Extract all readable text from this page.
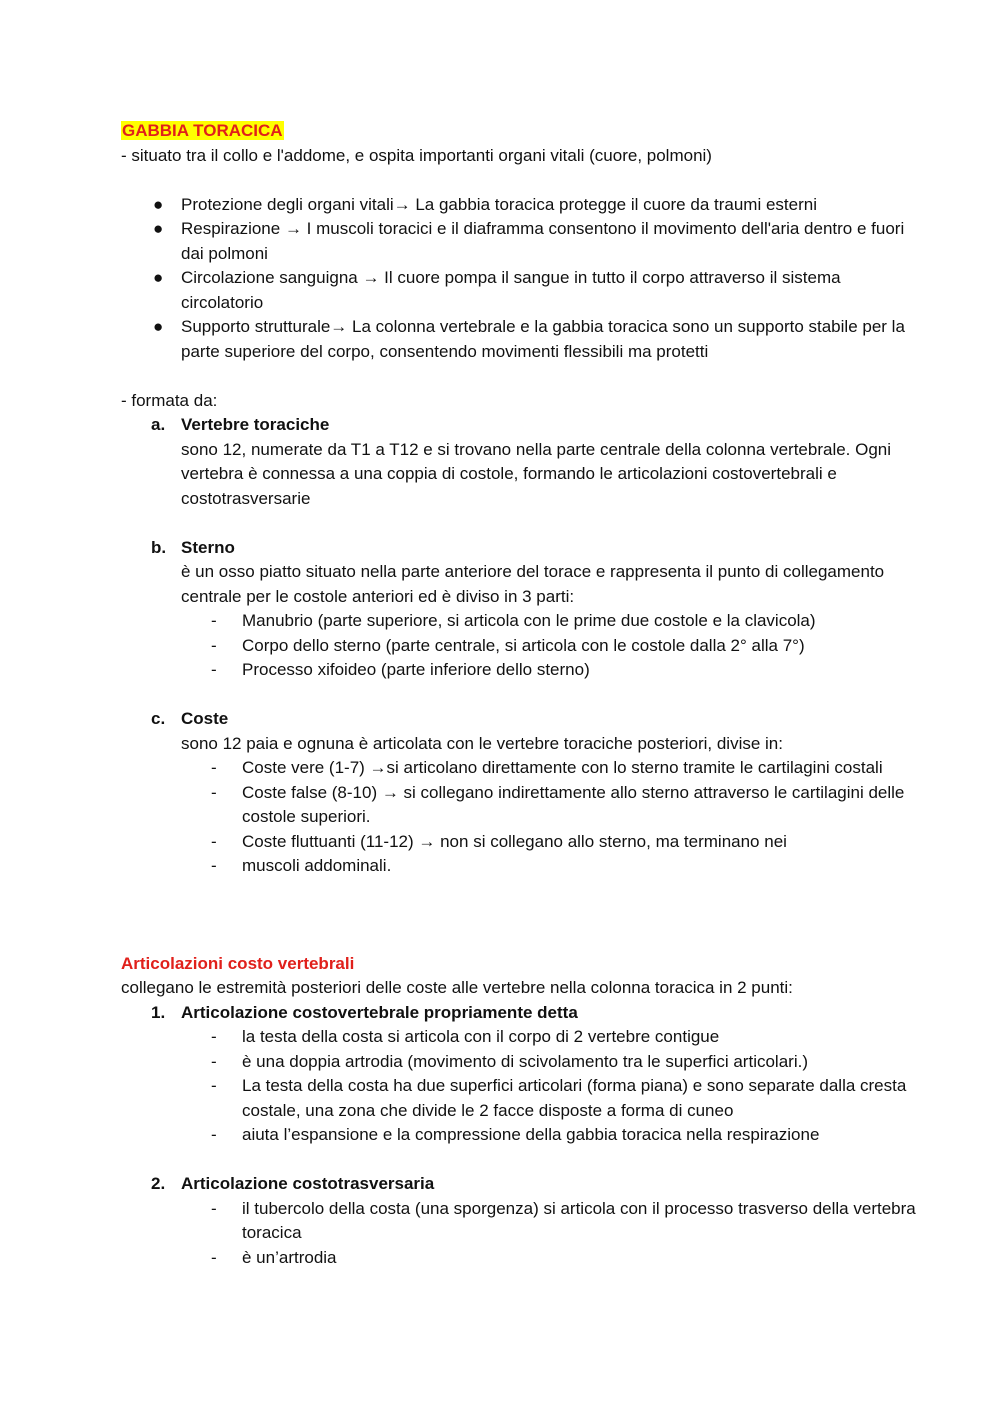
GABBIA TORACICA

- situato tra il collo e l'addome, e ospita importanti organi vitali (cuore, polmoni)

● Protezione degli organi vitali→ La gabbia toracica protegge il cuore da traumi esterni
● Respirazione → I muscoli toracici e il diaframma consentono il movimento dell'aria dentro e fuori dai polmoni
● Circolazione sanguigna → Il cuore pompa il sangue in tutto il corpo attraverso il sistema circolatorio
● Supporto strutturale→ La colonna vertebrale e la gabbia toracica sono un supporto stabile per la parte superiore del corpo, consentendo movimenti flessibili ma protetti

- formata da:

a. Vertebre toraciche
sono 12, numerate da T1 a T12 e si trovano nella parte centrale della colonna vertebrale. Ogni vertebra è connessa a una coppia di costole, formando le articolazioni costovertebrali e costotrasversarie
b. Sterno
è un osso piatto situato nella parte anteriore del torace e rappresenta il punto di collegamento centrale per le costole anteriori ed è diviso in 3 parti:
- Manubrio (parte superiore, si articola con le prime due costole e la clavicola)
- Corpo dello sterno (parte centrale, si articola con le costole dalla 2° alla 7°)
- Processo xifoideo (parte inferiore dello sterno)
c. Coste
sono 12 paia e ognuna è articolata con le vertebre toraciche posteriori, divise in:
- Coste vere (1-7) →si articolano direttamente con lo sterno tramite le cartilagini costali
- Coste false (8-10) → si collegano indirettamente allo sterno attraverso le cartilagini delle costole superiori.
- Coste fluttuanti (11-12) → non si collegano allo sterno, ma terminano nei
- muscoli addominali.

Articolazioni costo vertebrali

collegano le estremità posteriori delle coste alle vertebre nella colonna toracica in 2 punti:

1. Articolazione costovertebrale propriamente detta
- la testa della costa si articola con il corpo di 2 vertebre contigue
- è una doppia artrodia (movimento di scivolamento tra le superfici articolari.)
- La testa della costa ha due superfici articolari (forma piana) e sono separate dalla cresta costale, una zona che divide le 2 facce disposte a forma di cuneo
- aiuta l’espansione e la compressione della gabbia toracica nella respirazione
2. Articolazione costotrasversaria
- il tubercolo della costa (una sporgenza) si articola con il processo trasverso della vertebra toracica
- è un’artrodia
